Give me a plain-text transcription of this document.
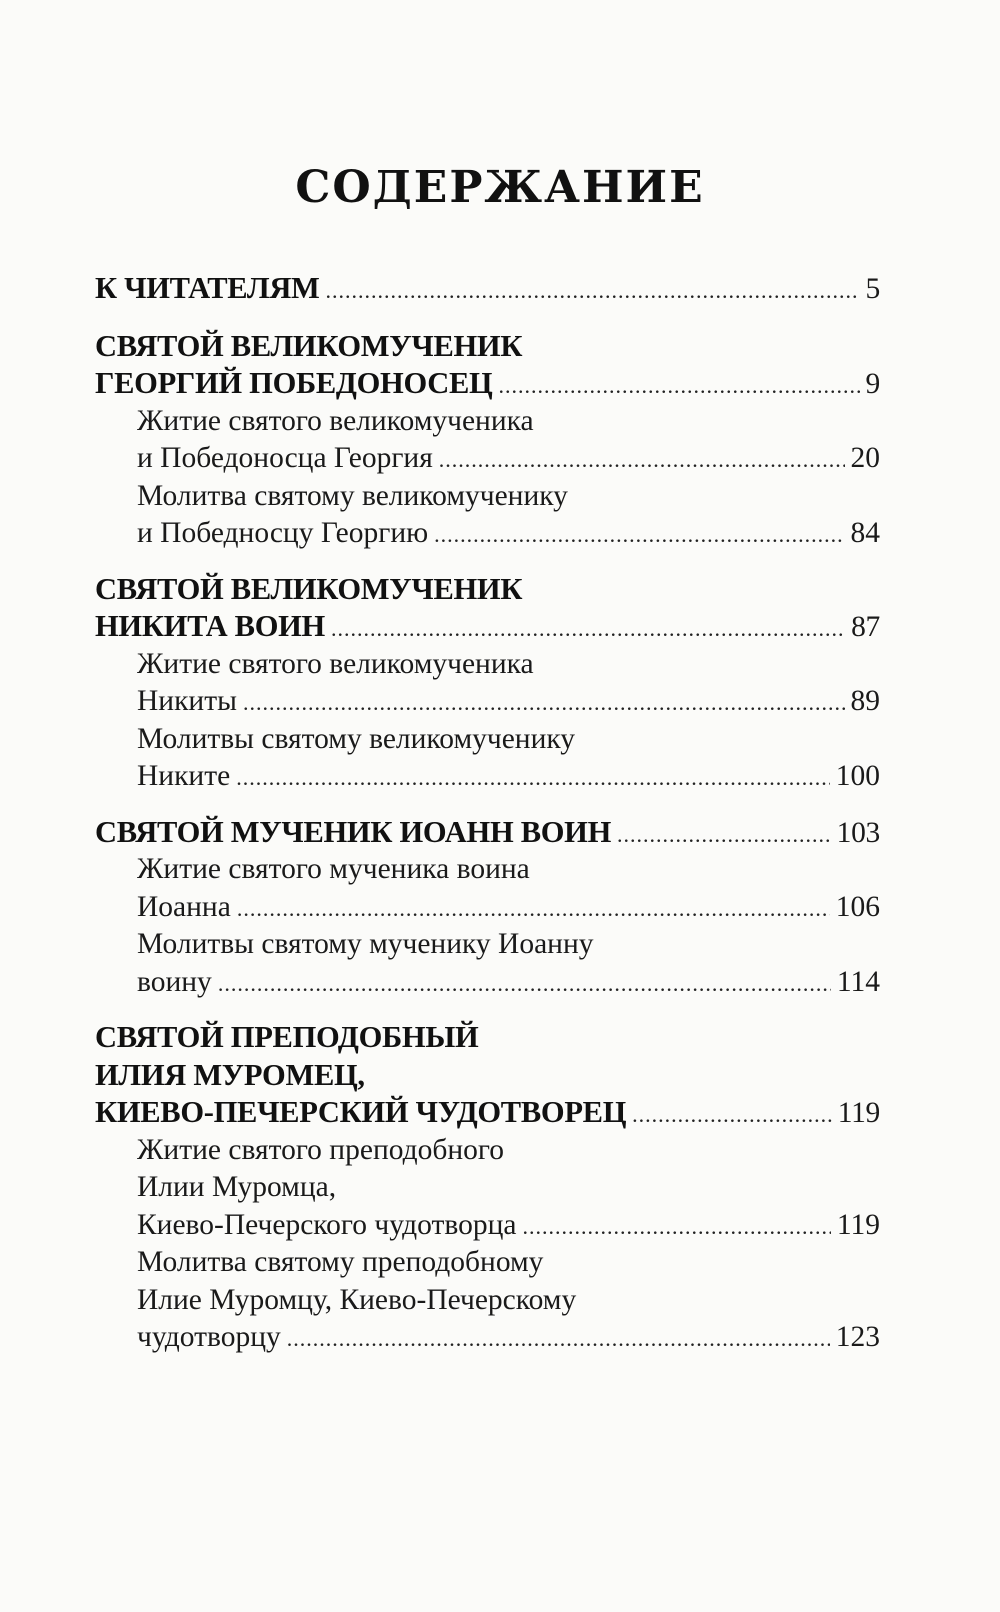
СОДЕРЖАНИЕ
К ЧИТАТЕЛЯМ .....	5
СВЯТОЙ ВЕЛИКОМУЧЕНИК
ГЕОРГИЙ ПОБЕДОНОСЕЦ .....	9
Житие святого великомученика
и Победоносца Георгия .....	20
Молитва святому великомученику
и Победносцу Георгию .....	84
СВЯТОЙ ВЕЛИКОМУЧЕНИК
НИКИТА ВОИН .....	87
Житие святого великомученика
Никиты .....	89
Молитвы святому великомученику
Никите .....	100
СВЯТОЙ МУЧЕНИК ИОАНН ВОИН .....	103
Житие святого мученика воина
Иоанна .....	106
Молитвы святому мученику Иоанну
воину .....	114
СВЯТОЙ ПРЕПОДОБНЫЙ
ИЛИЯ МУРОМЕЦ,
КИЕВО-ПЕЧЕРСКИЙ ЧУДОТВОРЕЦ .....	119
Житие святого преподобного
Илии Муромца,
Киево-Печерского чудотворца .....	119
Молитва святому преподобному
Илие Муромцу, Киево-Печерскому
чудотворцу .....	123
